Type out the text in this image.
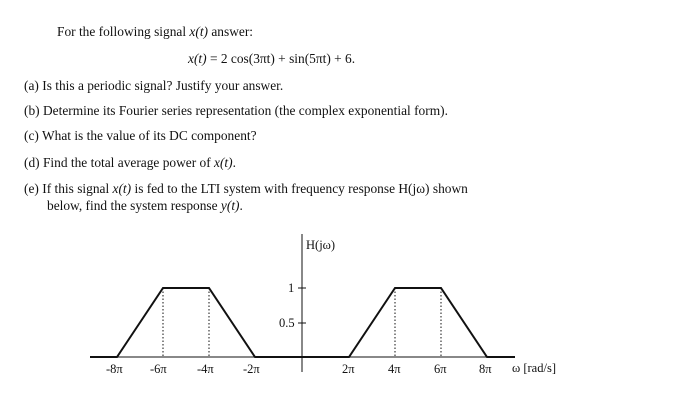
For the following signal x(t) answer:
x(t) = 2 cos(3πt) + sin(5πt) + 6.
(a) Is this a periodic signal? Justify your answer.
(b) Determine its Fourier series representation (the complex exponential form).
(c) What is the value of its DC component?
(d) Find the total average power of x(t).
(e) If this signal x(t) is fed to the LTI system with frequency response H(jω) shown
below, find the system response y(t).
H(jω)
ω [rad/s]
1
0.5
-8π -6π -4π -2π	2π	4π	6π	8π
